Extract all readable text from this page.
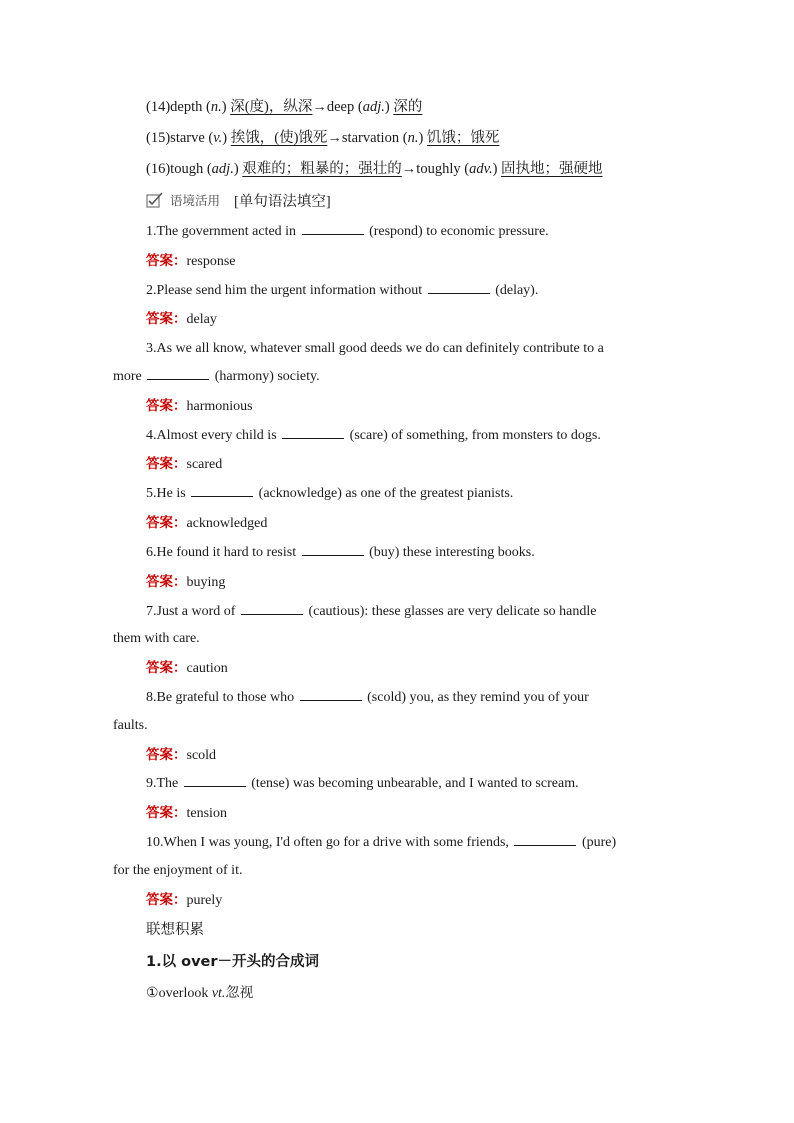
(14)depth (n.) 深(度)，纵深→deep (adj.) 深的
(15)starve (v.) 挨饿，(使)饿死→starvation (n.) 饥饿；饿死
(16)tough (adj.) 艰难的；粗暴的；强壮的→toughly (adv.) 固执地；强硬地
语境活用 [单句语法填空]
1.The government acted in	(respond) to economic pressure.
答案：response
2.Please send him the urgent information without	(delay).
答案：delay
3.As we all know, whatever small good deeds we do can definitely contribute to a
more	(harmony) society.
答案：harmonious
4.Almost every child is	(scare) of something, from monsters to dogs.
答案：scared
5.He is	(acknowledge) as one of the greatest pianists.
答案：acknowledged
6.He found it hard to resist	(buy) these interesting books.
答案：buying
7.Just a word of	(cautious): these glasses are very delicate so handle
them with care.
答案：caution
8.Be grateful to those who	(scold) you, as they remind you of your
faults.
答案：scold
9.The	(tense) was becoming unbearable, and I wanted to scream.
答案：tension
10.When I was young, I'd often go for a drive with some friends,	(pure)
for the enjoyment of it.
答案：purely
联想积累
1.以 over－开头的合成词
①overlook vt.忽视
